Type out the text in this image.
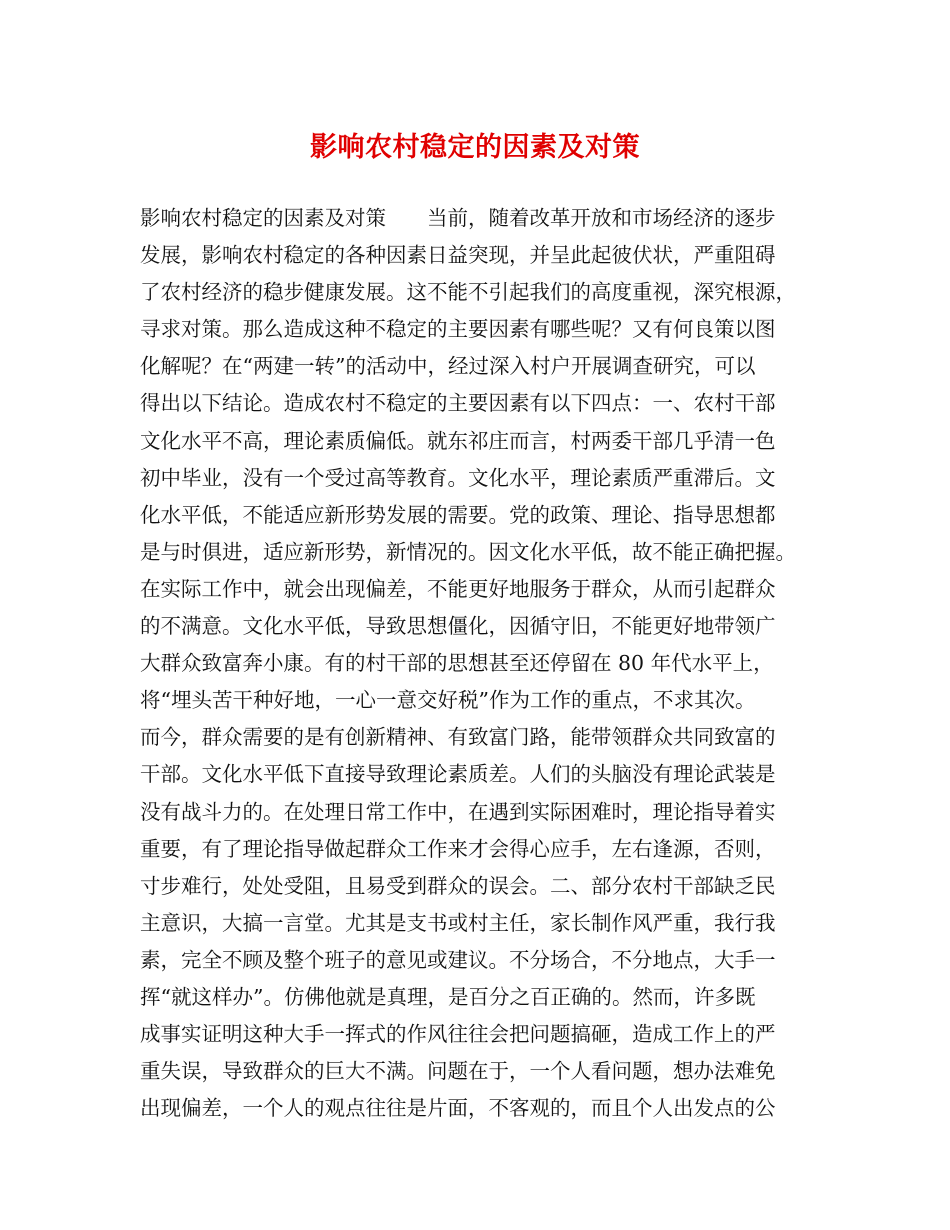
影响农村稳定的因素及对策
影响农村稳定的因素及对策　　当前，随着改革开放和市场经济的逐步
发展，影响农村稳定的各种因素日益突现，并呈此起彼伏状，严重阻碍
了农村经济的稳步健康发展。这不能不引起我们的高度重视，深究根源，
寻求对策。那么造成这种不稳定的主要因素有哪些呢？又有何良策以图
化解呢？在“两建一转”的活动中，经过深入村户开展调查研究，可以
得出以下结论。造成农村不稳定的主要因素有以下四点：一、农村干部
文化水平不高，理论素质偏低。就东祁庄而言，村两委干部几乎清一色
初中毕业，没有一个受过高等教育。文化水平，理论素质严重滞后。文
化水平低，不能适应新形势发展的需要。党的政策、理论、指导思想都
是与时俱进，适应新形势，新情况的。因文化水平低，故不能正确把握。
在实际工作中，就会出现偏差，不能更好地服务于群众，从而引起群众
的不满意。文化水平低，导致思想僵化，因循守旧，不能更好地带领广
大群众致富奔小康。有的村干部的思想甚至还停留在 80 年代水平上，
将“埋头苦干种好地，一心一意交好税”作为工作的重点，不求其次。
而今，群众需要的是有创新精神、有致富门路，能带领群众共同致富的
干部。文化水平低下直接导致理论素质差。人们的头脑没有理论武装是
没有战斗力的。在处理日常工作中，在遇到实际困难时，理论指导着实
重要，有了理论指导做起群众工作来才会得心应手，左右逢源，否则，
寸步难行，处处受阻，且易受到群众的误会。二、部分农村干部缺乏民
主意识，大搞一言堂。尤其是支书或村主任，家长制作风严重，我行我
素，完全不顾及整个班子的意见或建议。不分场合，不分地点，大手一
挥“就这样办”。仿佛他就是真理，是百分之百正确的。然而，许多既
成事实证明这种大手一挥式的作风往往会把问题搞砸，造成工作上的严
重失误，导致群众的巨大不满。问题在于，一个人看问题，想办法难免
出现偏差，一个人的观点往往是片面，不客观的，而且个人出发点的公
